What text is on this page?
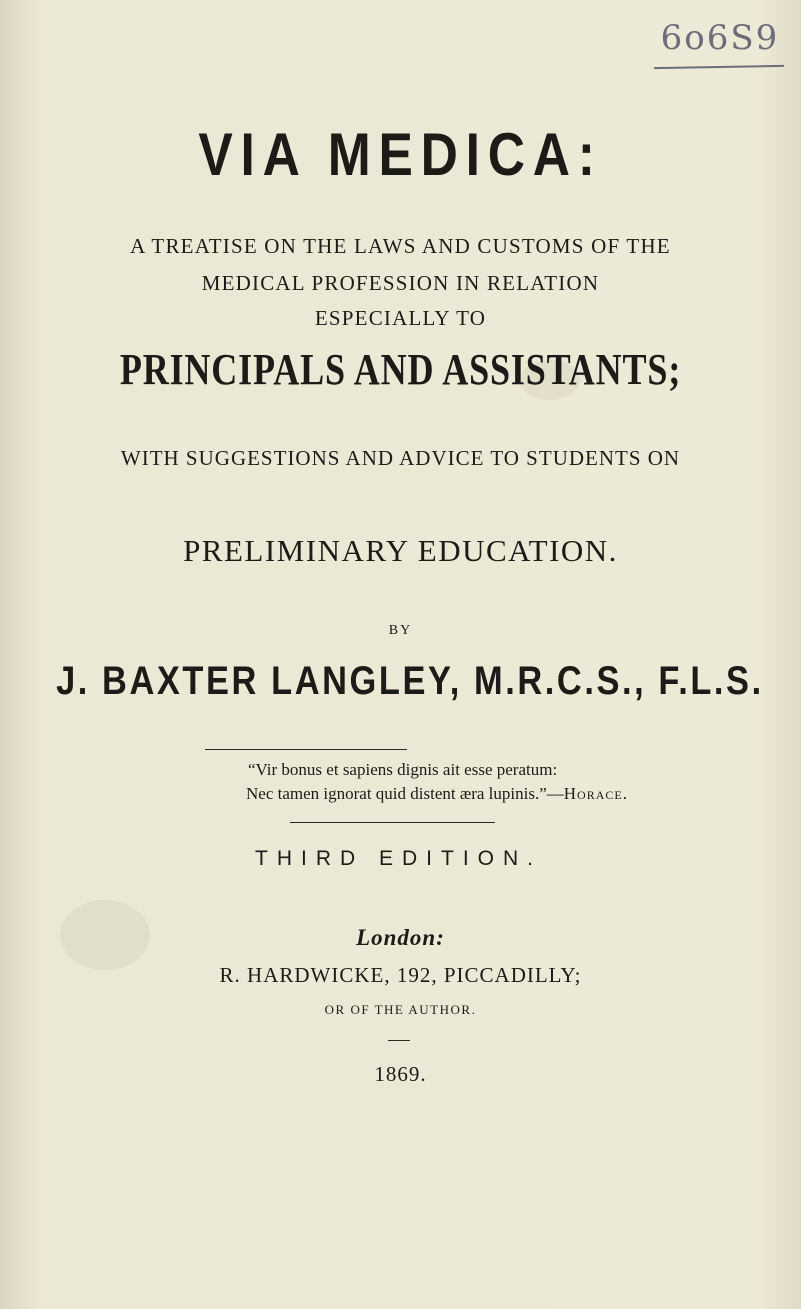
6o6S9
VIA MEDICA:
A TREATISE ON THE LAWS AND CUSTOMS OF THE
MEDICAL PROFESSION IN RELATION
ESPECIALLY TO
PRINCIPALS AND ASSISTANTS;
WITH SUGGESTIONS AND ADVICE TO STUDENTS ON
PRELIMINARY EDUCATION.
BY
J. BAXTER LANGLEY, M.R.C.S., F.L.S.
“Vir bonus et sapiens dignis ait esse peratum:
Nec tamen ignorat quid distent æra lupinis.”—Horace.
THIRD EDITION.
London:
R. HARDWICKE, 192, PICCADILLY;
OR OF THE AUTHOR.
1869.
